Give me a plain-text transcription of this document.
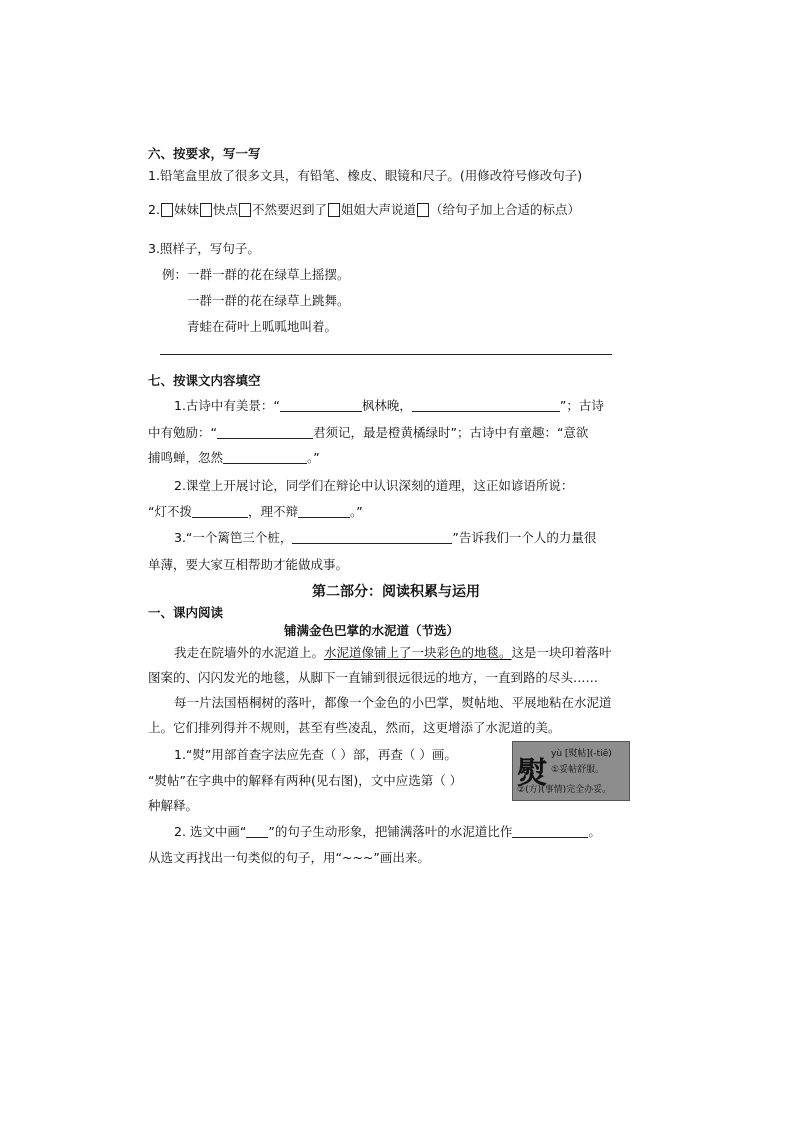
六、按要求，写一写
1.铅笔盒里放了很多文具，有铅笔、橡皮、眼镜和尺子。(用修改符号修改句子)
2. 妹妹 快点 不然要迟到了 姐姐大声说道 （给句子加上合适的标点）
3.照样子，写句子。
例：一群一群的花在绿草上摇摆。
一群一群的花在绿草上跳舞。
青蛙在荷叶上呱呱地叫着。
七、按课文内容填空
1.古诗中有美景：“	枫林晚，	”；古诗
中有勉励：“	君须记，最是橙黄橘绿时”；古诗中有童趣：“意欲
捕鸣蝉，忽然	。”
2.课堂上开展讨论，同学们在辩论中认识深刻的道理，这正如谚语所说：
“灯不拨	，理不辩	。”
3.“一个篱笆三个桩，	”告诉我们一个人的力量很
单薄，要大家互相帮助才能做成事。
第二部分：阅读积累与运用
一、课内阅读
铺满金色巴掌的水泥道（节选）
我走在院墙外的水泥道上。水泥道像铺上了一块彩色的地毯。这是一块印着落叶
图案的、闪闪发光的地毯，从脚下一直铺到很远很远的地方，一直到路的尽头……
每一片法国梧桐树的落叶，都像一个金色的小巴掌，熨帖地、平展地粘在水泥道
上。它们排列得并不规则，甚至有些凌乱，然而，这更增添了水泥道的美。
1.“熨”用部首查字法应先查（ ）部，再查（ ）画。
“熨帖”在字典中的解释有两种(见右图)，文中应选第（ ）
种解释。
熨
yù [熨帖](-tiē)
①妥帖舒服。
②(方)(事情)完全办妥。
2. 选文中画“ ”的句子生动形象，把铺满落叶的水泥道比作	。
从选文再找出一句类似的句子，用“~~~”画出来。
